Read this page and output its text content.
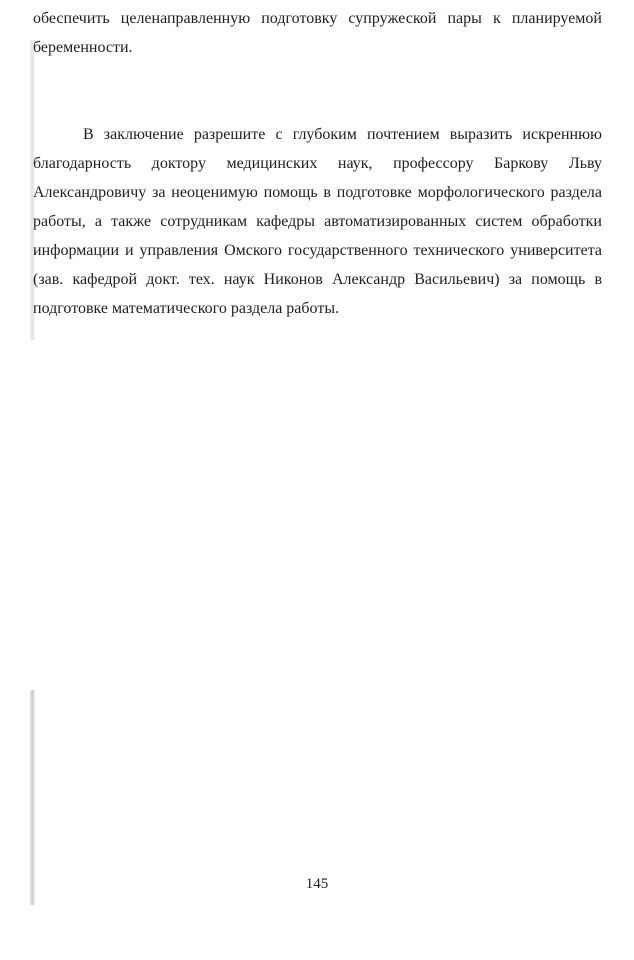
обеспечить целенаправленную подготовку супружеской пары к планируемой
беременности.
В заключение разрешите с глубоким почтением выразить искреннюю
благодарность доктору медицинских наук, профессору Баркову Льву
Александровичу за неоценимую помощь в подготовке морфологического раздела
работы, а также сотрудникам кафедры автоматизированных систем обработки
информации и управления Омского государственного технического университета
(зав. кафедрой докт. тех. наук Никонов Александр Васильевич) за помощь в
подготовке математического раздела работы.
145
